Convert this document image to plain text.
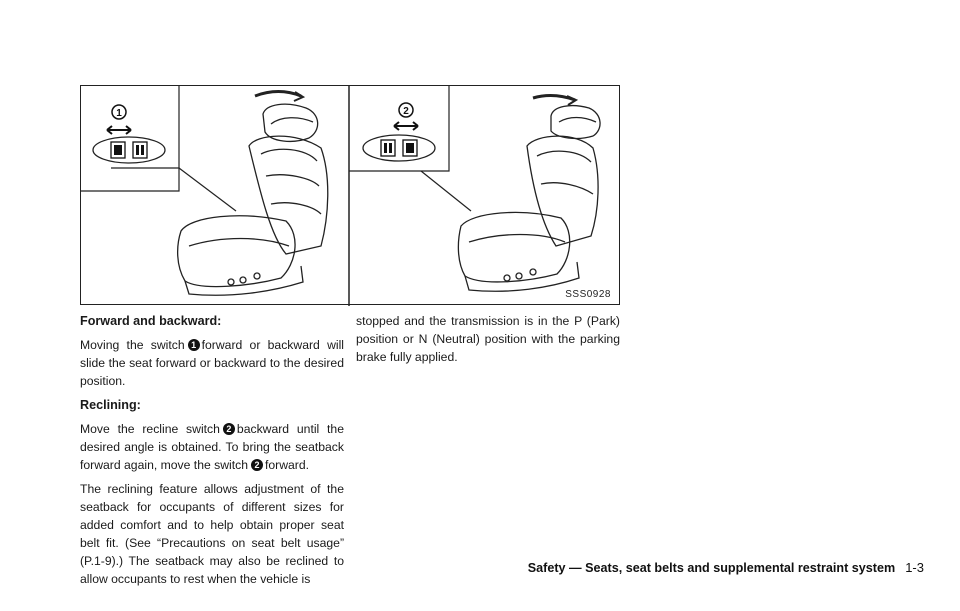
1	2
SSS0928
Forward and backward:

Moving the switch 1 forward or backward will slide the seat forward or backward to the desired position.

Reclining:

Move the recline switch 2 backward until the desired angle is obtained. To bring the seatback forward again, move the switch 2 forward.

The reclining feature allows adjustment of the seatback for occupants of different sizes for added comfort and to help obtain proper seat belt fit. (See “Precautions on seat belt usage” (P.1-9).) The seatback may also be reclined to allow occupants to rest when the vehicle is

stopped and the transmission is in the P (Park) position or N (Neutral) position with the parking brake fully applied.

Safety — Seats, seat belts and supplemental restraint system 1-3
